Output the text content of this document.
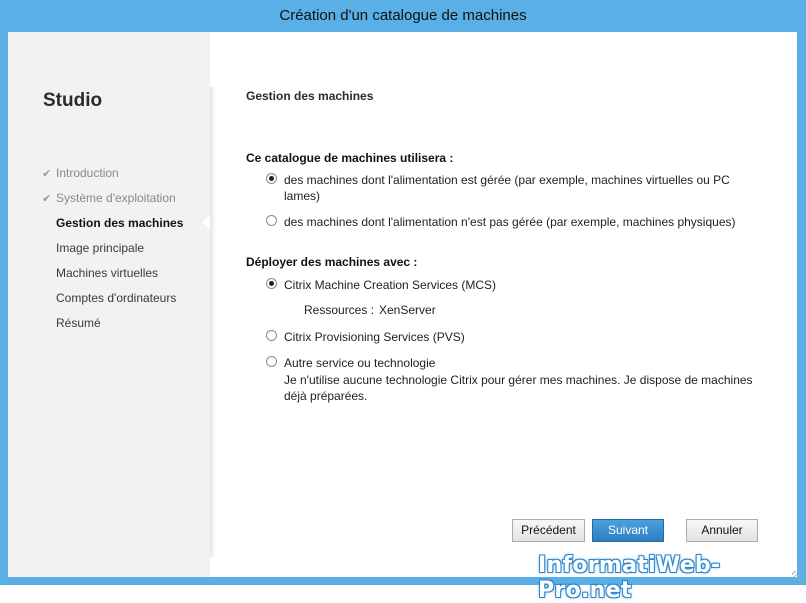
Création d'un catalogue de machines
Studio
✔ Introduction
✔ Système d'exploitation
Gestion des machines
Image principale
Machines virtuelles
Comptes d'ordinateurs
Résumé
Gestion des machines
Ce catalogue de machines utilisera :
des machines dont l'alimentation est gérée (par exemple, machines virtuelles ou PC
lames)
des machines dont l'alimentation n'est pas gérée (par exemple, machines physiques)
Déployer des machines avec :
Citrix Machine Creation Services (MCS)
Ressources : XenServer
Citrix Provisioning Services (PVS)
Autre service ou technologie
Je n'utilise aucune technologie Citrix pour gérer mes machines. Je dispose de machines
déjà préparées.
Précédent	Suivant	Annuler
InformatiWeb-Pro.net
